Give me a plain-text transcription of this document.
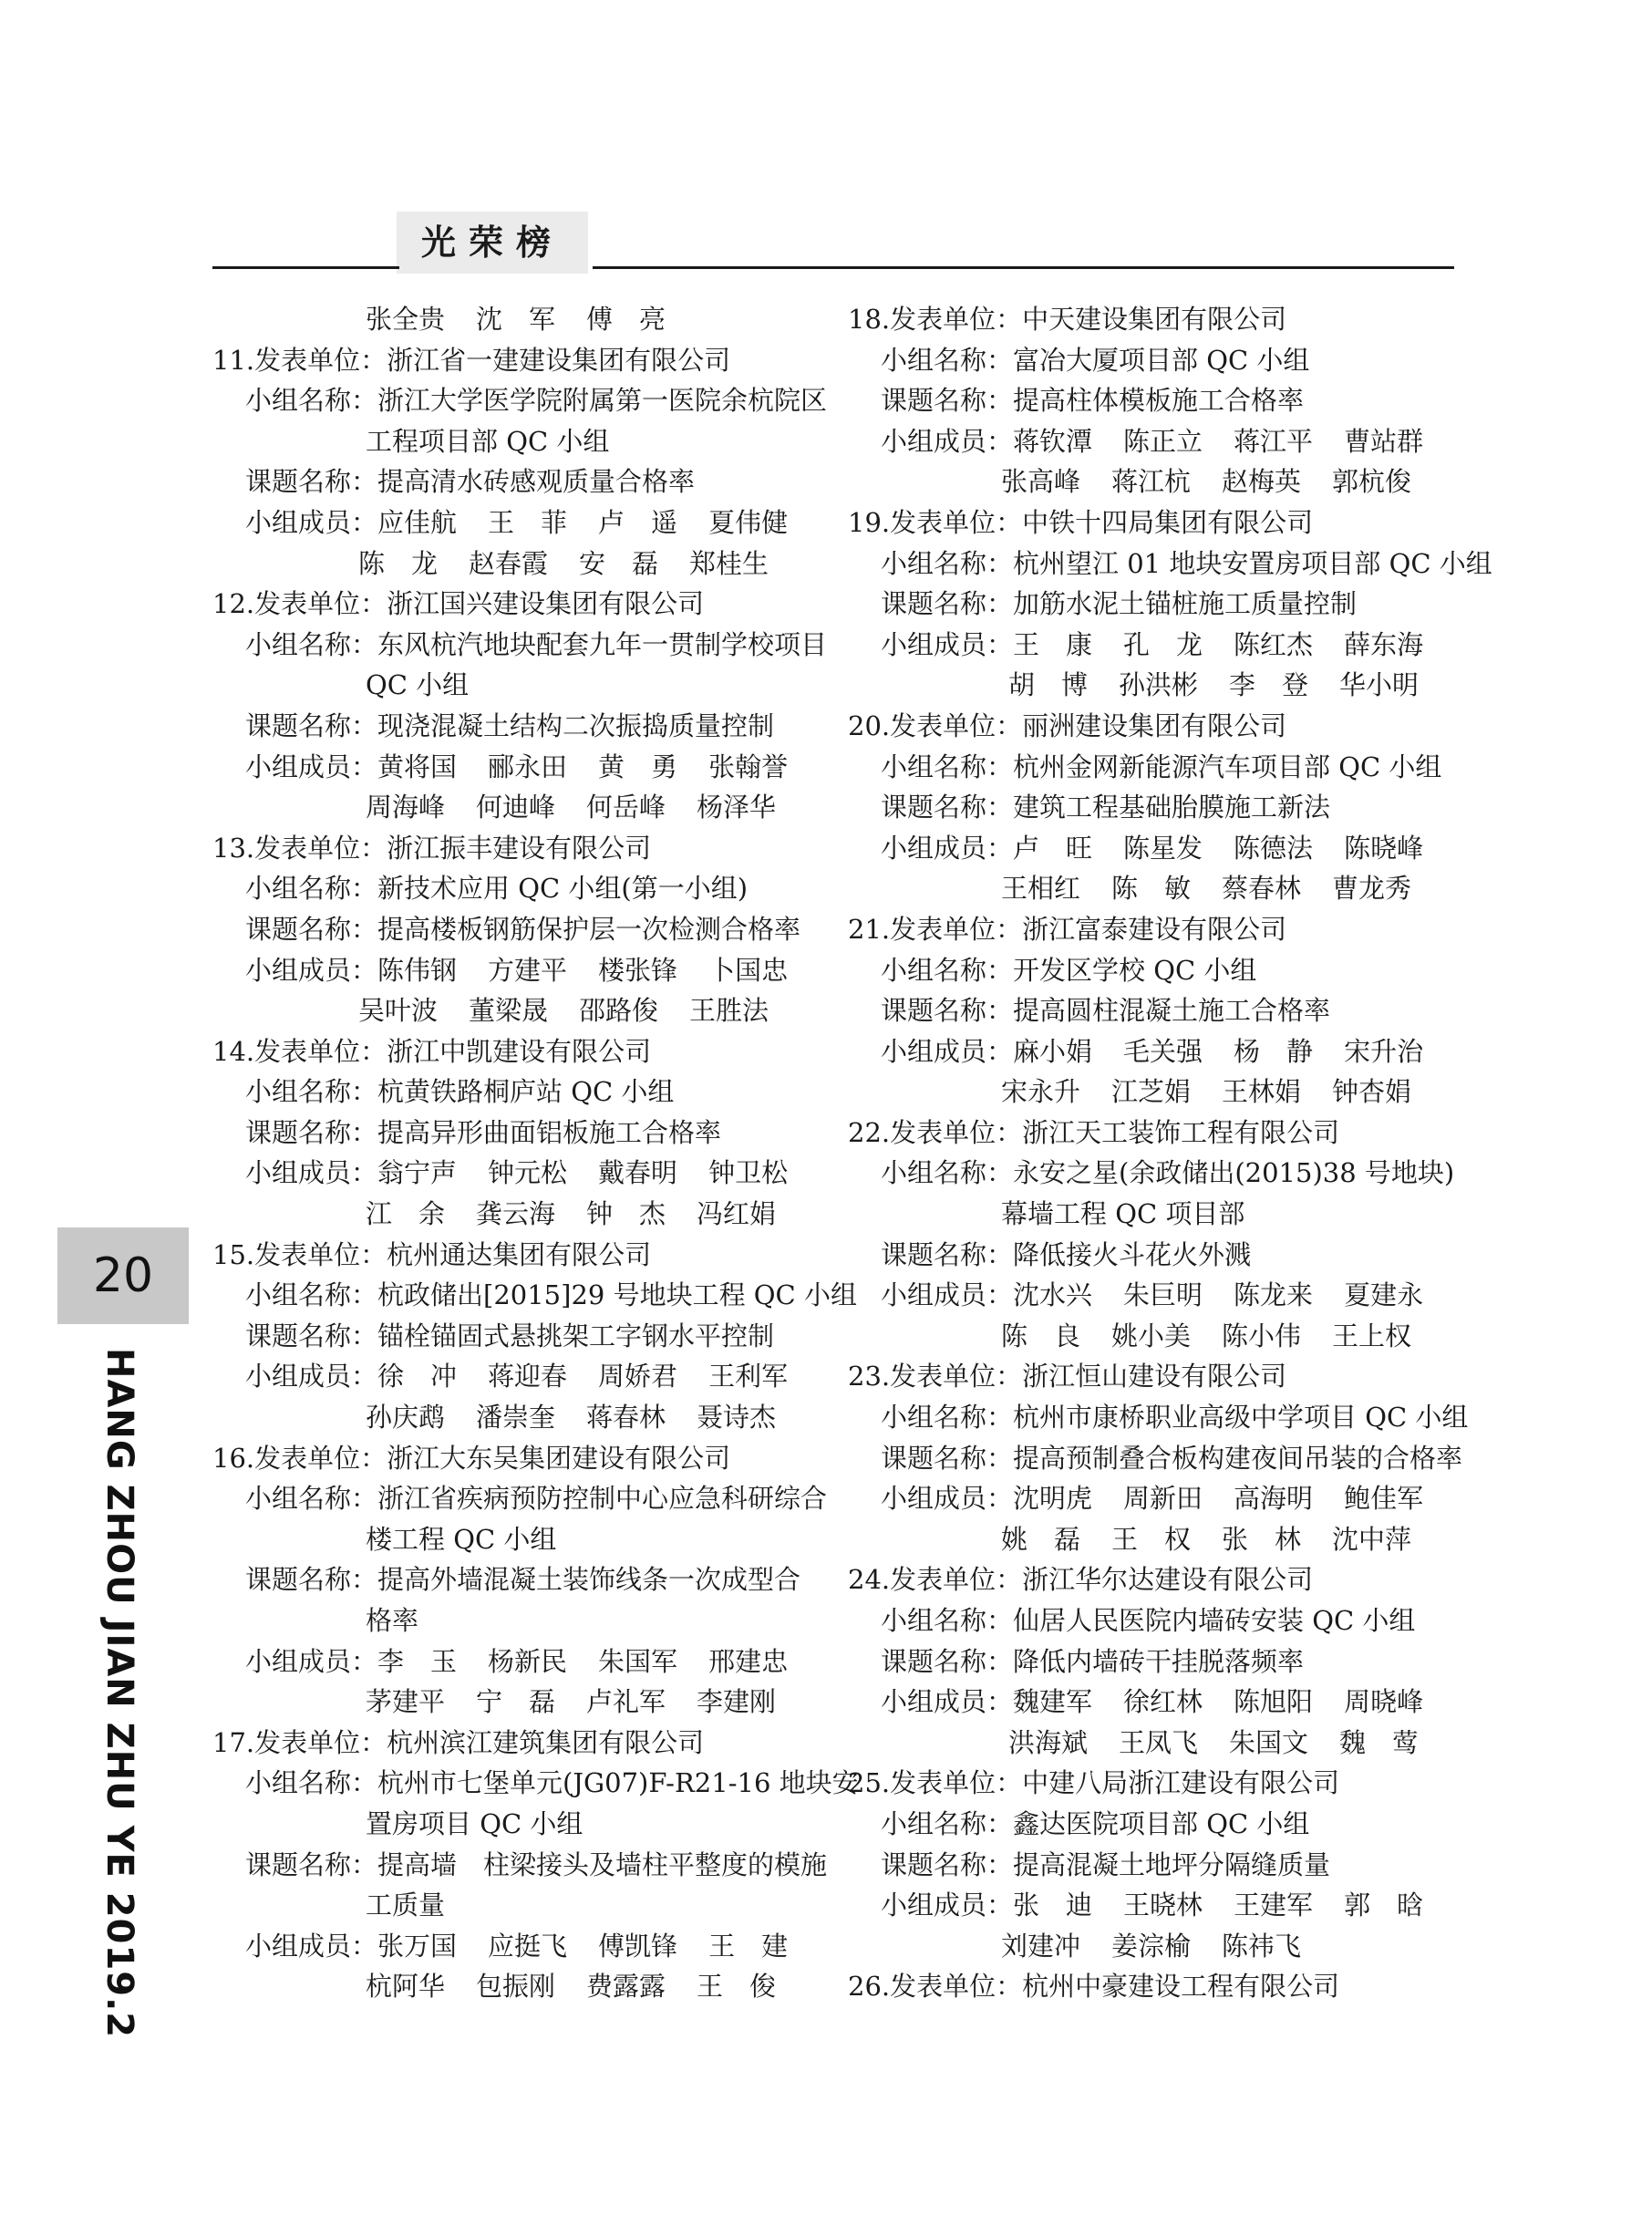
光荣榜
张全贵 沈　军 傅　亮
11.发表单位：浙江省一建建设集团有限公司
小组名称：浙江大学医学院附属第一医院余杭院区
工程项目部 QC 小组
课题名称：提高清水砖感观质量合格率
小组成员：应佳航 王　菲 卢　遥 夏伟健
陈　龙 赵春霞 安　磊 郑桂生
12.发表单位：浙江国兴建设集团有限公司
小组名称：东风杭汽地块配套九年一贯制学校项目
QC 小组
课题名称：现浇混凝土结构二次振捣质量控制
小组成员：黄将国 郦永田 黄　勇 张翰誉
周海峰 何迪峰 何岳峰 杨泽华
13.发表单位：浙江振丰建设有限公司
小组名称：新技术应用 QC 小组(第一小组)
课题名称：提高楼板钢筋保护层一次检测合格率
小组成员：陈伟钢 方建平 楼张锋 卜国忠
吴叶波 董梁晟 邵路俊 王胜法
14.发表单位：浙江中凯建设有限公司
小组名称：杭黄铁路桐庐站 QC 小组
课题名称：提高异形曲面铝板施工合格率
小组成员：翁宁声 钟元松 戴春明 钟卫松
江　余 龚云海 钟　杰 冯红娟
15.发表单位：杭州通达集团有限公司
小组名称：杭政储出[2015]29 号地块工程 QC 小组
课题名称：锚栓锚固式悬挑架工字钢水平控制
小组成员：徐　冲 蒋迎春 周娇君 王利军
孙庆鹉 潘崇奎 蒋春林 聂诗杰
16.发表单位：浙江大东吴集团建设有限公司
小组名称：浙江省疾病预防控制中心应急科研综合
楼工程 QC 小组
课题名称：提高外墙混凝土装饰线条一次成型合
格率
小组成员：李　玉 杨新民 朱国军 邢建忠
茅建平 宁　磊 卢礼军 李建刚
17.发表单位：杭州滨江建筑集团有限公司
小组名称：杭州市七堡单元(JG07)F-R21-16 地块安
置房项目 QC 小组
课题名称：提高墙　柱梁接头及墙柱平整度的模施
工质量
小组成员：张万国 应挺飞 傅凯锋 王　建
杭阿华 包振刚 费露露 王　俊
18.发表单位：中天建设集团有限公司
小组名称：富冶大厦项目部 QC 小组
课题名称：提高柱体模板施工合格率
小组成员：蒋钦潭 陈正立 蒋江平 曹站群
张高峰 蒋江杭 赵梅英 郭杭俊
19.发表单位：中铁十四局集团有限公司
小组名称：杭州望江 01 地块安置房项目部 QC 小组
课题名称：加筋水泥土锚桩施工质量控制
小组成员：王　康 孔　龙 陈红杰 薛东海
胡　博 孙洪彬 李　登 华小明
20.发表单位：丽洲建设集团有限公司
小组名称：杭州金网新能源汽车项目部 QC 小组
课题名称：建筑工程基础胎膜施工新法
小组成员：卢　旺 陈星发 陈德法 陈晓峰
王相红 陈　敏 蔡春林 曹龙秀
21.发表单位：浙江富泰建设有限公司
小组名称：开发区学校 QC 小组
课题名称：提高圆柱混凝土施工合格率
小组成员：麻小娟 毛关强 杨　静 宋升治
宋永升 江芝娟 王林娟 钟杏娟
22.发表单位：浙江天工装饰工程有限公司
小组名称：永安之星(余政储出(2015)38 号地块)
幕墙工程 QC 项目部
课题名称：降低接火斗花火外溅
小组成员：沈水兴 朱巨明 陈龙来 夏建永
陈　良 姚小美 陈小伟 王上权
23.发表单位：浙江恒山建设有限公司
小组名称：杭州市康桥职业高级中学项目 QC 小组
课题名称：提高预制叠合板构建夜间吊装的合格率
小组成员：沈明虎 周新田 高海明 鲍佳军
姚　磊 王　权 张　林 沈中萍
24.发表单位：浙江华尔达建设有限公司
小组名称：仙居人民医院内墙砖安装 QC 小组
课题名称：降低内墙砖干挂脱落频率
小组成员：魏建军 徐红林 陈旭阳 周晓峰
洪海斌 王凤飞 朱国文 魏　莺
25.发表单位：中建八局浙江建设有限公司
小组名称：鑫达医院项目部 QC 小组
课题名称：提高混凝土地坪分隔缝质量
小组成员：张　迪 王晓林 王建军 郭　晗
刘建冲 姜淙榆 陈祎飞
26.发表单位：杭州中豪建设工程有限公司
20
HANG ZHOU JIAN ZHU YE 2019.2
